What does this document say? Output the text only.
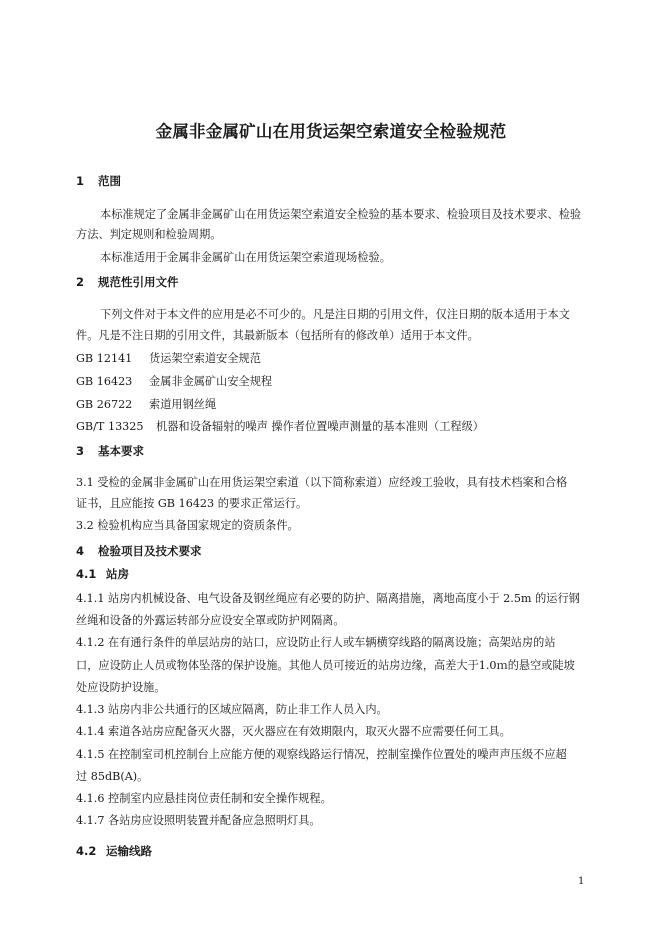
金属非金属矿山在用货运架空索道安全检验规范
1 范围
本标准规定了金属非金属矿山在用货运架空索道安全检验的基本要求、检验项目及技术要求、检验
方法、判定规则和检验周期。
本标准适用于金属非金属矿山在用货运架空索道现场检验。
2 规范性引用文件
下列文件对于本文件的应用是必不可少的。凡是注日期的引用文件，仅注日期的版本适用于本文
件。凡是不注日期的引用文件，其最新版本（包括所有的修改单）适用于本文件。
GB 12141 货运架空索道安全规范
GB 16423 金属非金属矿山安全规程
GB 26722 索道用钢丝绳
GB/T 13325 机器和设备辐射的噪声 操作者位置噪声测量的基本准则（工程级）
3 基本要求
3.1 受检的金属非金属矿山在用货运架空索道（以下简称索道）应经竣工验收，具有技术档案和合格
证书，且应能按 GB 16423 的要求正常运行。
3.2 检验机构应当具备国家规定的资质条件。
4 检验项目及技术要求
4.1 站房
4.1.1 站房内机械设备、电气设备及钢丝绳应有必要的防护、隔离措施，离地高度小于 2.5m 的运行钢
丝绳和设备的外露运转部分应设安全罩或防护网隔离。
4.1.2 在有通行条件的单层站房的站口，应设防止行人或车辆横穿线路的隔离设施；高架站房的站
口，应设防止人员或物体坠落的保护设施。其他人员可接近的站房边缘，高差大于1.0ｍ的悬空或陡坡
处应设防护设施。
4.1.3 站房内非公共通行的区域应隔离，防止非工作人员入内。
4.1.4 索道各站房应配备灭火器，灭火器应在有效期限内，取灭火器不应需要任何工具。
4.1.5 在控制室司机控制台上应能方便的观察线路运行情况，控制室操作位置处的噪声声压级不应超
过 85dB(A)。
4.1.6 控制室内应悬挂岗位责任制和安全操作规程。
4.1.7 各站房应设照明装置并配备应急照明灯具。
4.2 运输线路
1
